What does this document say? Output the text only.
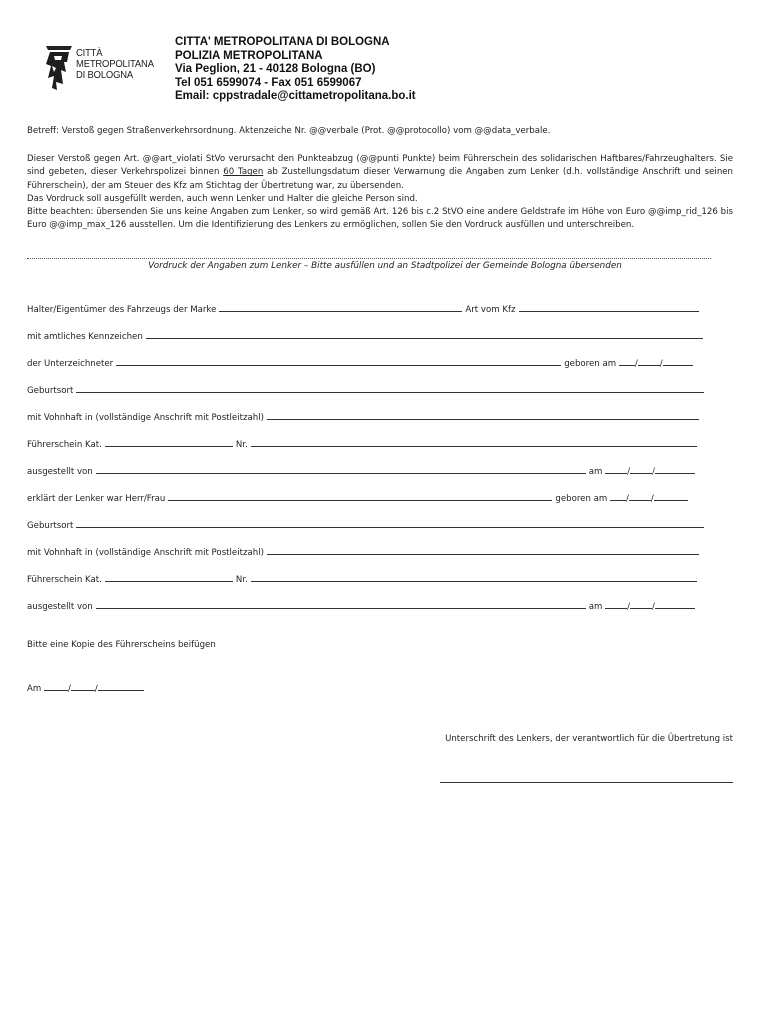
CITTÀ
METROPOLITANA
DI BOLOGNA
CITTA' METROPOLITANA DI BOLOGNA
POLIZIA METROPOLITANA
Via Peglion, 21 - 40128 Bologna (BO)
Tel 051 6599074 - Fax 051 6599067
Email: cppstradale@cittametropolitana.bo.it
Betreff: Verstoß gegen Straßenverkehrsordnung. Aktenzeiche Nr. @@verbale (Prot. @@protocollo) vom @@data_verbale.
Dieser Verstoß gegen Art. @@art_violati StVo verursacht den Punkteabzug (@@punti Punkte) beim Führerschein des solidarischen Haftbares/Fahrzeughalters. Sie sind gebeten, dieser Verkehrspolizei binnen 60 Tagen ab Zustellungsdatum dieser Verwarnung die Angaben zum Lenker (d.h. vollständige Anschrift und seinen Führerschein), der am Steuer des Kfz am Stichtag der Übertretung war, zu übersenden.
Das Vordruck soll ausgefüllt werden, auch wenn Lenker und Halter die gleiche Person sind.
Bitte beachten: übersenden Sie uns keine Angaben zum Lenker, so wird gemäß Art. 126 bis c.2 StVO eine andere Geldstrafe im Höhe von Euro @@imp_rid_126 bis Euro @@imp_max_126 ausstellen. Um die Identifizierung des Lenkers zu ermöglichen, sollen Sie den Vordruck ausfüllen und unterschreiben.
Vordruck der Angaben zum Lenker – Bitte ausfüllen und an Stadtpolizei der Gemeinde Bologna übersenden
Halter/Eigentümer des Fahrzeugs der Marke	Art vom Kfz
mit amtliches Kennzeichen
der Unterzeichneter	geboren am /	/
Geburtsort
mit Vohnhaft in (vollständige Anschrift mit Postleitzahl)
Führerschein Kat.	Nr.
ausgestellt von	am	/	/
erklärt der Lenker war Herr/Frau	geboren am /	/
Geburtsort
mit Vohnhaft in (vollständige Anschrift mit Postleitzahl)
Führerschein Kat.	Nr.
ausgestellt von	am	/	/
Bitte eine Kopie des Führerscheins beifügen
Am	/	/
Unterschrift des Lenkers, der verantwortlich für die Übertretung ist
